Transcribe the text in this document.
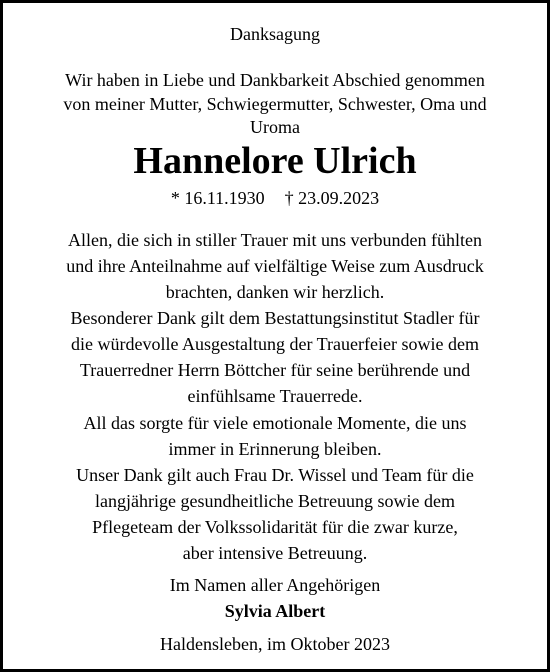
Danksagung
Wir haben in Liebe und Dankbarkeit Abschied genommen
von meiner Mutter, Schwiegermutter, Schwester, Oma und
Uroma
Hannelore Ulrich
* 16.11.1930 † 23.09.2023
Allen, die sich in stiller Trauer mit uns verbunden fühlten
und ihre Anteilnahme auf vielfältige Weise zum Ausdruck
brachten, danken wir herzlich.
Besonderer Dank gilt dem Bestattungsinstitut Stadler für
die würdevolle Ausgestaltung der Trauerfeier sowie dem
Trauerredner Herrn Böttcher für seine berührende und
einfühlsame Trauerrede.
All das sorgte für viele emotionale Momente, die uns
immer in Erinnerung bleiben.
Unser Dank gilt auch Frau Dr. Wissel und Team für die
langjährige gesundheitliche Betreuung sowie dem
Pflegeteam der Volkssolidarität für die zwar kurze,
aber intensive Betreuung.
Im Namen aller Angehörigen
Sylvia Albert
Haldensleben, im Oktober 2023
